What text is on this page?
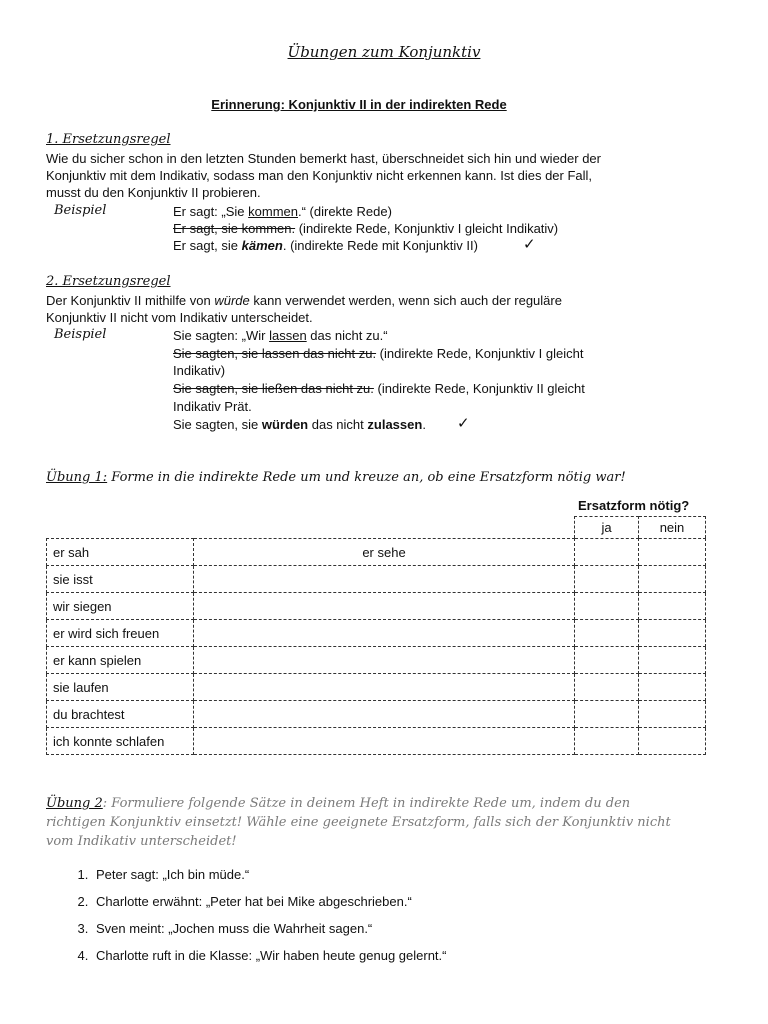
Übungen zum Konjunktiv
Erinnerung: Konjunktiv II in der indirekten Rede
1. Ersetzungsregel
Wie du sicher schon in den letzten Stunden bemerkt hast, überschneidet sich hin und wieder der
Konjunktiv mit dem Indikativ, sodass man den Konjunktiv nicht erkennen kann. Ist dies der Fall,
musst du den Konjunktiv II probieren.
Beispiel	Er sagt: „Sie kommen.“ (direkte Rede)
Er sagt, sie kommen. (indirekte Rede, Konjunktiv I gleicht Indikativ)
Er sagt, sie kämen. (indirekte Rede mit Konjunktiv II)	✓
2. Ersetzungsregel
Der Konjunktiv II mithilfe von würde kann verwendet werden, wenn sich auch der reguläre
Konjunktiv II nicht vom Indikativ unterscheidet.
Beispiel	Sie sagten: „Wir lassen das nicht zu.“
Sie sagten, sie lassen das nicht zu. (indirekte Rede, Konjunktiv I gleicht
Indikativ)
Sie sagten, sie ließen das nicht zu. (indirekte Rede, Konjunktiv II gleicht
Indikativ Prät.
Sie sagten, sie würden das nicht zulassen. ✓
Übung 1: Forme in die indirekte Rede um und kreuze an, ob eine Ersatzform nötig war!
Ersatzform nötig?
ja	nein
er sah	er sehe		
sie isst			
wir siegen			
er wird sich freuen			
er kann spielen			
sie laufen			
du brachtest			
ich konnte schlafen			
Übung 2: Formuliere folgende Sätze in deinem Heft in indirekte Rede um, indem du den
richtigen Konjunktiv einsetzt! Wähle eine geeignete Ersatzform, falls sich der Konjunktiv nicht
vom Indikativ unterscheidet!
1. Peter sagt: „Ich bin müde.“
2. Charlotte erwähnt: „Peter hat bei Mike abgeschrieben.“
3. Sven meint: „Jochen muss die Wahrheit sagen.“
4. Charlotte ruft in die Klasse: „Wir haben heute genug gelernt.“
